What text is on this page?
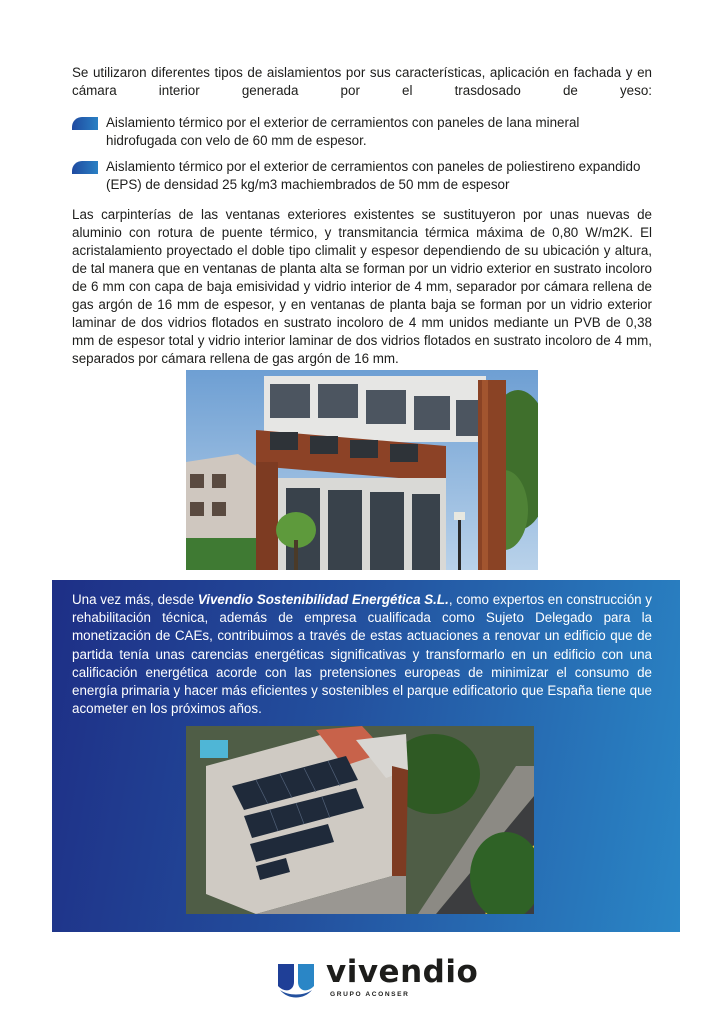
Se utilizaron diferentes tipos de aislamientos por sus características, aplicación en fachada y en cámara interior generada por el trasdosado de yeso:

Aislamiento térmico por el exterior de cerramientos con paneles de lana mineral hidrofugada con velo de 60 mm de espesor.
Aislamiento térmico por el exterior de cerramientos con paneles de poliestireno expandido (EPS) de densidad 25 kg/m3 machiembrados de 50 mm de espesor

Las carpinterías de las ventanas exteriores existentes se sustituyeron por unas nuevas de aluminio con rotura de puente térmico, y transmitancia térmica máxima de 0,80 W/m2K. El acristalamiento proyectado el doble tipo climalit y espesor dependiendo de su ubicación y altura, de tal manera que en ventanas de planta alta se forman por un vidrio exterior en sustrato incoloro de 6 mm con capa de baja emisividad y vidrio interior de 4 mm, separador por cámara rellena de gas argón de 16 mm de espesor, y en ventanas de planta baja se forman por un vidrio exterior laminar de dos vidrios flotados en sustrato incoloro de 4 mm unidos mediante un PVB de 0,38 mm de espesor total y vidrio interior laminar de dos vidrios flotados en sustrato incoloro de 4 mm, separados por cámara rellena de gas argón de 16 mm.

Una vez más, desde Vivendio Sostenibilidad Energética S.L., como expertos en construcción y rehabilitación técnica, además de empresa cualificada como Sujeto Delegado para la monetización de CAEs, contribuimos a través de estas actuaciones a renovar un edificio que de partida tenía unas carencias energéticas significativas y transformarlo en un edificio con una calificación energética acorde con las pretensiones europeas de minimizar el consumo de energía primaria y hacer más eficientes y sostenibles el parque edificatorio que España tiene que acometer en los próximos años.

vivendio
GRUPO ACONSER
